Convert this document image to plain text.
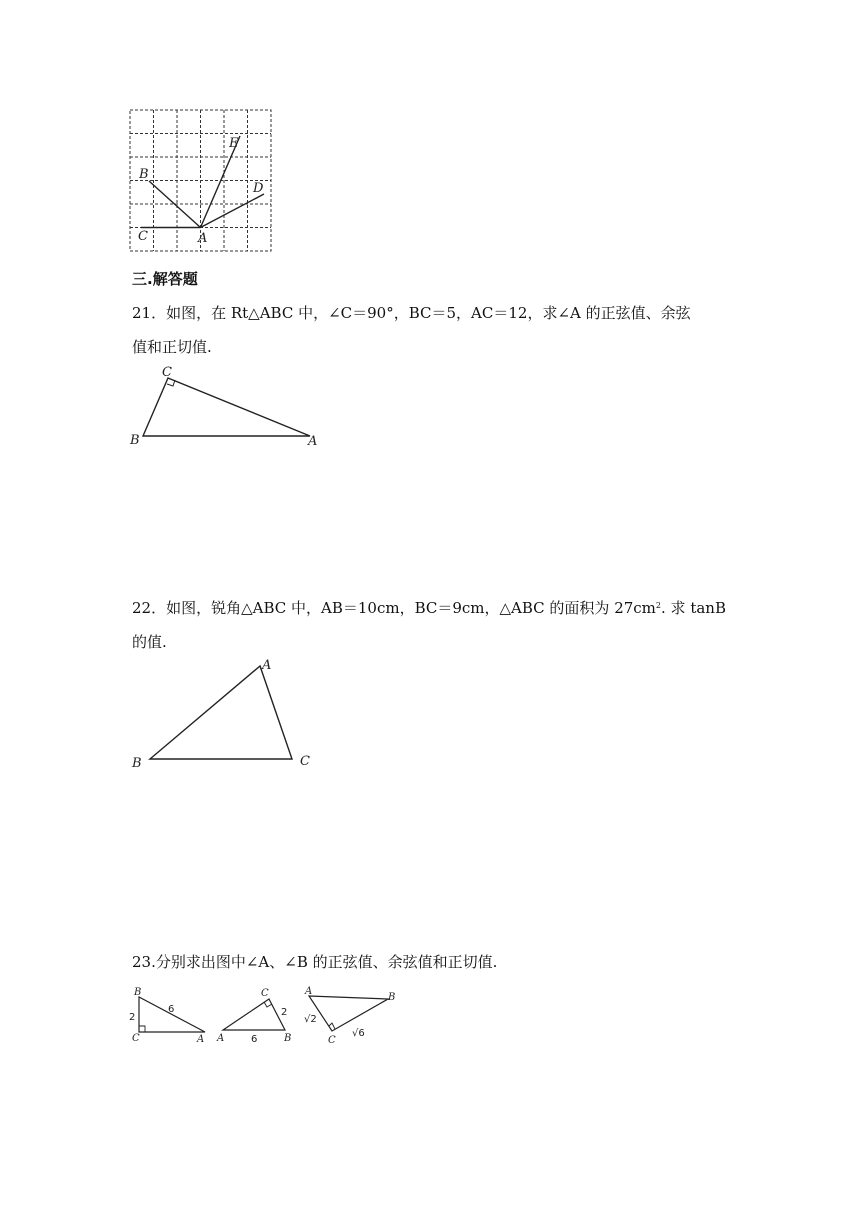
B
C	A
E
D
三.解答题
21．如图，在 Rt△ABC 中，∠C＝90°，BC＝5，AC＝12，求∠A 的正弦值、余弦
值和正切值.
C
B	A
22．如图，锐角△ABC 中，AB＝10cm，BC＝9cm，△ABC 的面积为 $27cm^2$. 求 tanB
的值.
A
B	C
23.分别求出图中∠A、∠B 的正弦值、余弦值和正切值.
B
C	A
2
6
C
A	B
2
6
A
B
C
√2
√6
